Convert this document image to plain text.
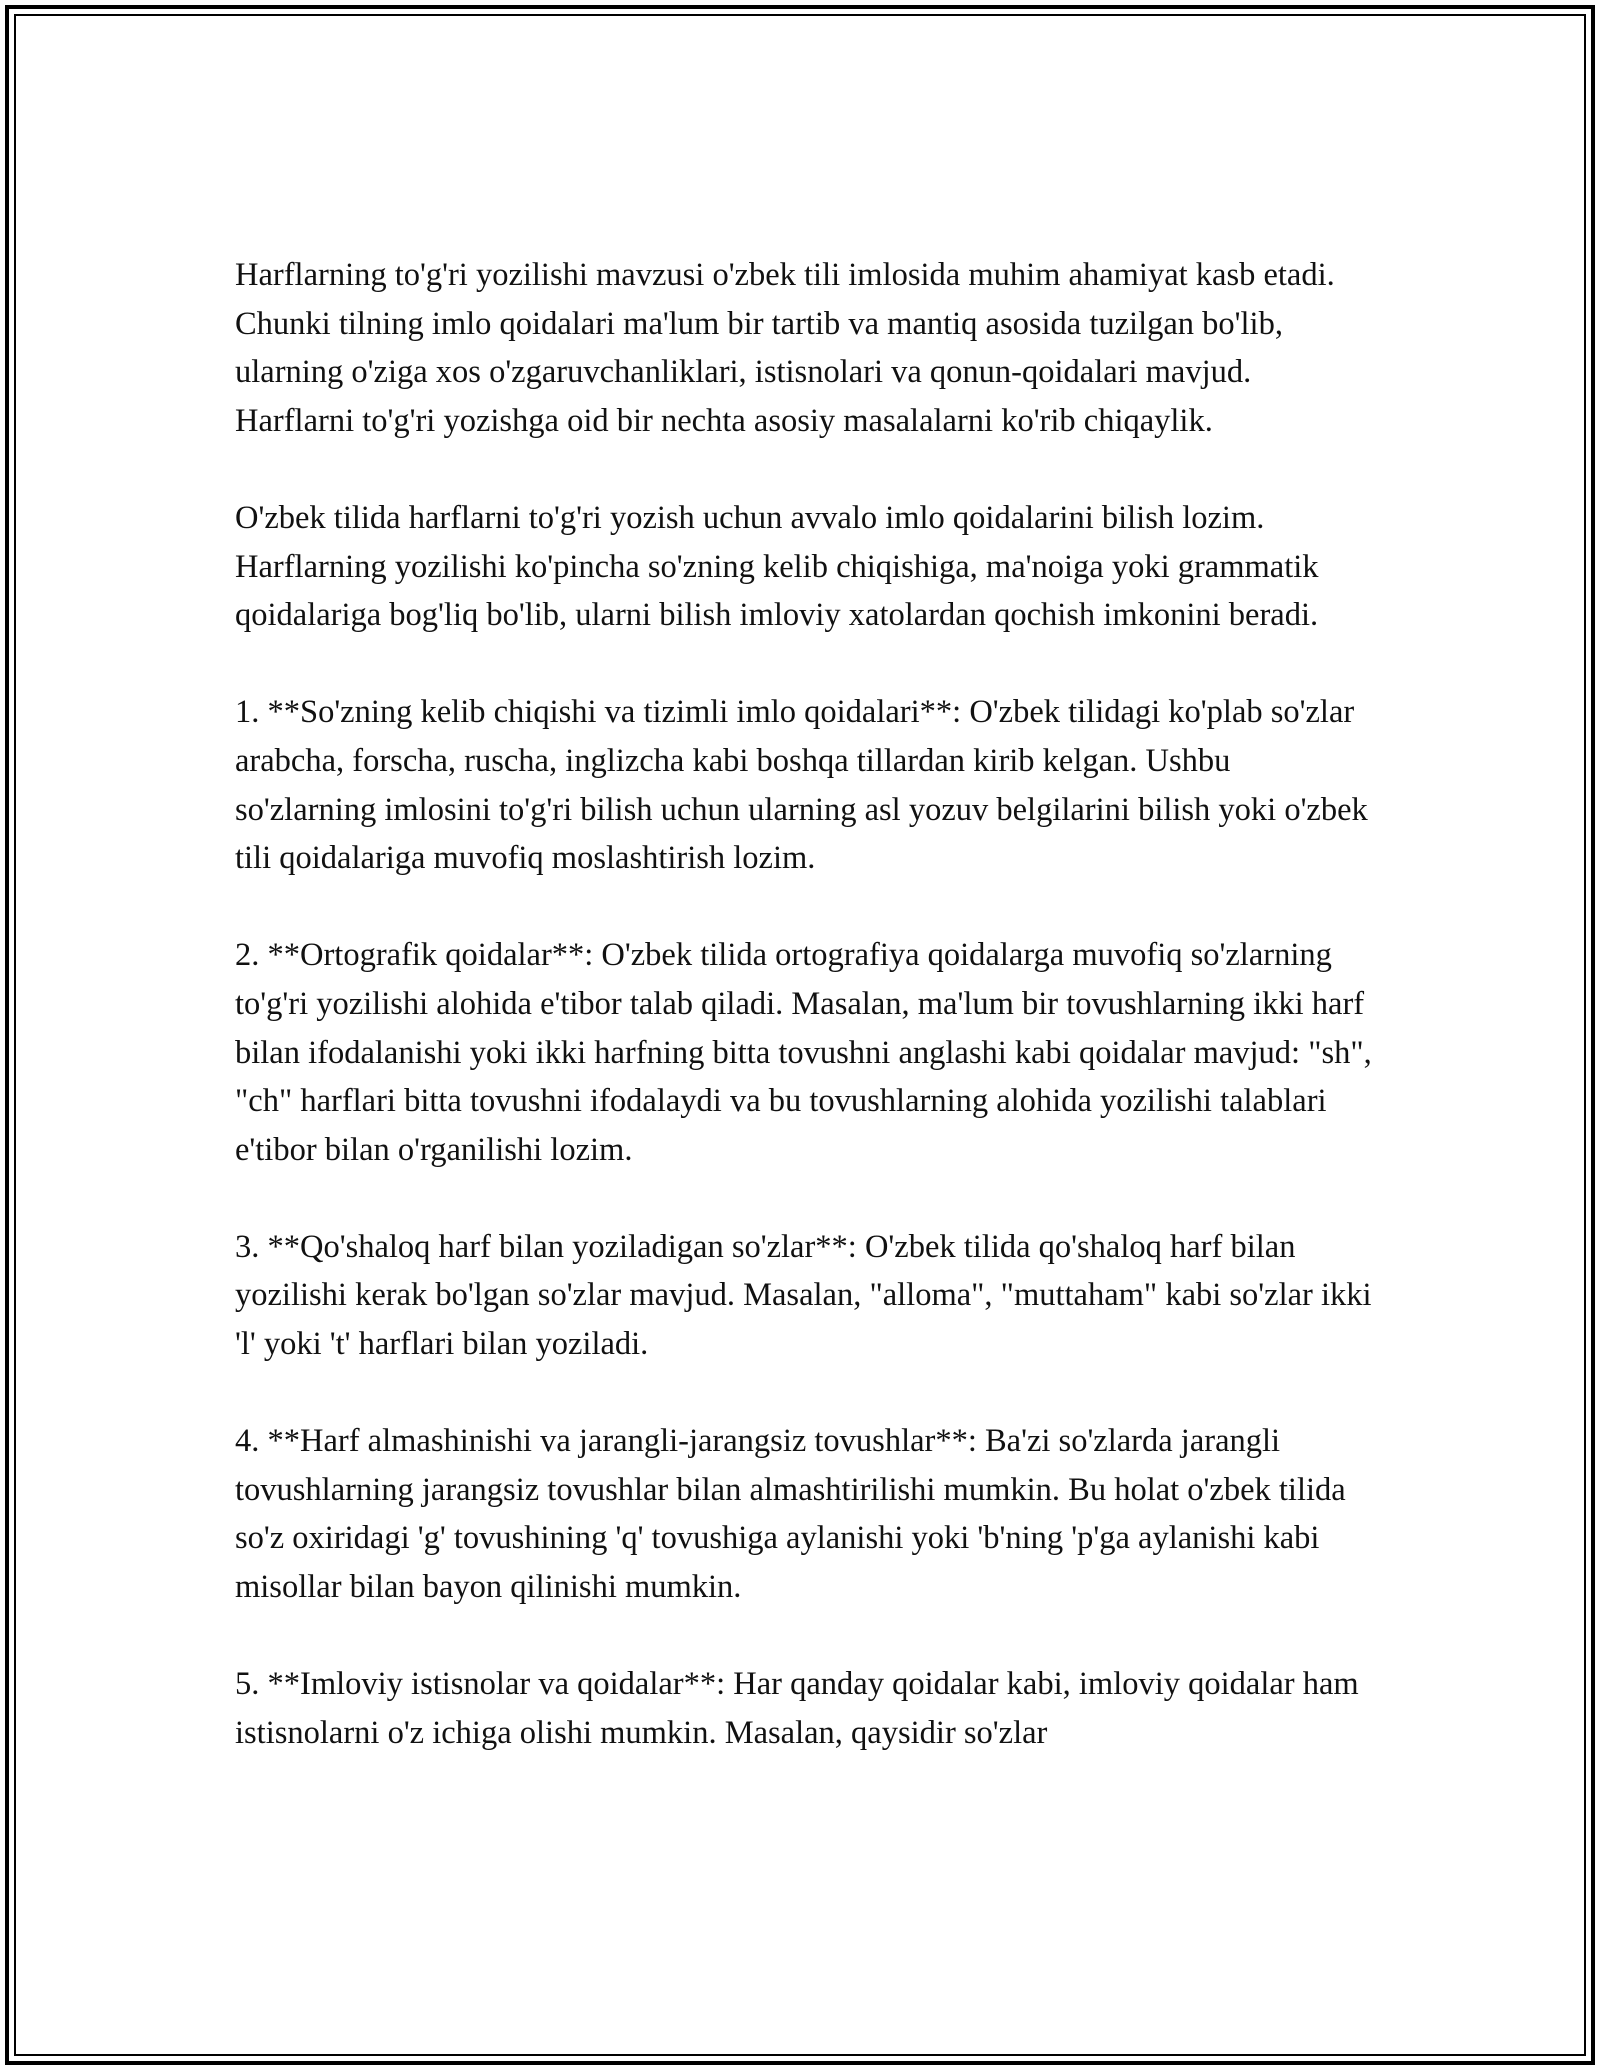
Harflarning to'g'ri yozilishi mavzusi o'zbek tili imlosida muhim ahamiyat kasb etadi. Chunki tilning imlo qoidalari ma'lum bir tartib va mantiq asosida tuzilgan bo'lib, ularning o'ziga xos o'zgaruvchanliklari, istisnolari va qonun-qoidalari mavjud. Harflarni to'g'ri yozishga oid bir nechta asosiy masalalarni ko'rib chiqaylik.

O'zbek tilida harflarni to'g'ri yozish uchun avvalo imlo qoidalarini bilish lozim. Harflarning yozilishi ko'pincha so'zning kelib chiqishiga, ma'noiga yoki grammatik qoidalariga bog'liq bo'lib, ularni bilish imloviy xatolardan qochish imkonini beradi.

1. **So'zning kelib chiqishi va tizimli imlo qoidalari**: O'zbek tilidagi ko'plab so'zlar arabcha, forscha, ruscha, inglizcha kabi boshqa tillardan kirib kelgan. Ushbu so'zlarning imlosini to'g'ri bilish uchun ularning asl yozuv belgilarini bilish yoki o'zbek tili qoidalariga muvofiq moslashtirish lozim.

2. **Ortografik qoidalar**: O'zbek tilida ortografiya qoidalarga muvofiq so'zlarning to'g'ri yozilishi alohida e'tibor talab qiladi. Masalan, ma'lum bir tovushlarning ikki harf bilan ifodalanishi yoki ikki harfning bitta tovushni anglashi kabi qoidalar mavjud: "sh", "ch" harflari bitta tovushni ifodalaydi va bu tovushlarning alohida yozilishi talablari e'tibor bilan o'rganilishi lozim.

3. **Qo'shaloq harf bilan yoziladigan so'zlar**: O'zbek tilida qo'shaloq harf bilan yozilishi kerak bo'lgan so'zlar mavjud. Masalan, "alloma", "muttaham" kabi so'zlar ikki 'l' yoki 't' harflari bilan yoziladi.

4. **Harf almashinishi va jarangli-jarangsiz tovushlar**: Ba'zi so'zlarda jarangli tovushlarning jarangsiz tovushlar bilan almashtirilishi mumkin. Bu holat o'zbek tilida so'z oxiridagi 'g' tovushining 'q' tovushiga aylanishi yoki 'b'ning 'p'ga aylanishi kabi misollar bilan bayon qilinishi mumkin.

5. **Imloviy istisnolar va qoidalar**: Har qanday qoidalar kabi, imloviy qoidalar ham istisnolarni o'z ichiga olishi mumkin. Masalan, qaysidir so'zlar
